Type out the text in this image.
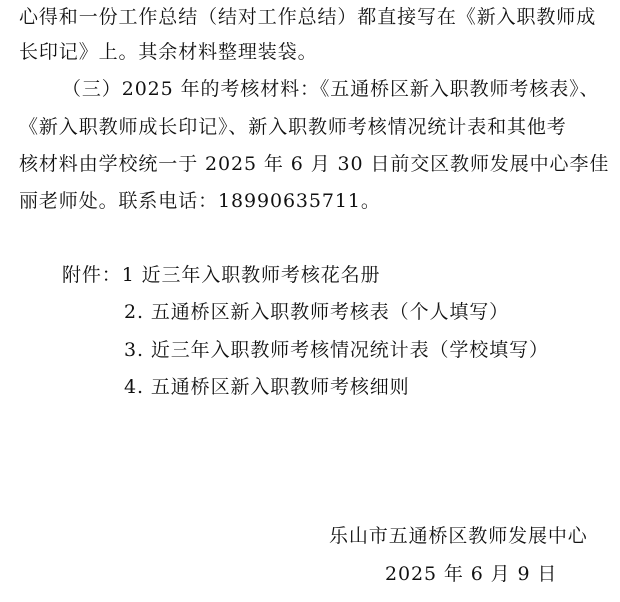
心得和一份工作总结（结对工作总结）都直接写在《新入职教师成
长印记》上。其余材料整理装袋。
（三）2025 年的考核材料：《五通桥区新入职教师考核表》、
《新入职教师成长印记》、新入职教师考核情况统计表和其他考
核材料由学校统一于 2025 年 6 月 30 日前交区教师发展中心李佳
丽老师处。联系电话：18990635711。
附件：1 近三年入职教师考核花名册
2. 五通桥区新入职教师考核表（个人填写）
3. 近三年入职教师考核情况统计表（学校填写）
4. 五通桥区新入职教师考核细则
乐山市五通桥区教师发展中心
2025 年 6 月 9 日
